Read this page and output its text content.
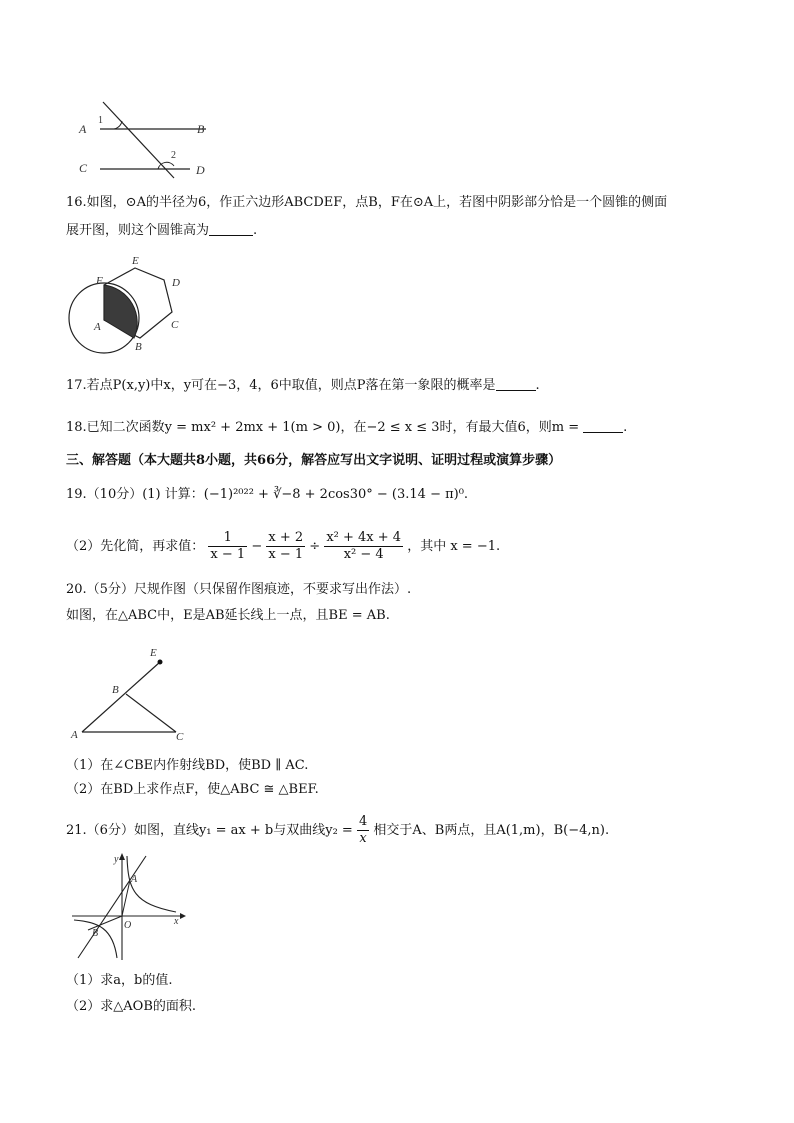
A	B
C	D
1
2
16.如图，⊙A的半径为6，作正六边形ABCDEF，点B，F在⊙A上，若图中阴影部分恰是一个圆锥的侧面
展开图，则这个圆锥高为	.
F
E
D
C
B
A
17.若点P(x,y)中x，y可在−3，4，6中取值，则点P落在第一象限的概率是	.
18.已知二次函数y = mx² + 2mx + 1(m > 0)，在−2 ≤ x ≤ 3时，有最大值6，则m =	.
三、解答题（本大题共8小题，共66分，解答应写出文字说明、证明过程或演算步骤）
19.（10分）(1) 计算：(−1)²⁰²² + ∛−8 + 2cos30° − (3.14 − π)⁰.
（2）先化简，再求值： $\frac{1}{x - 1} - \frac{x + 2}{x - 1} \div \frac{\text{x² + 4x + 4}}{\text{x² − 4}}$ ，其中 x = −1.
20.（5分）尺规作图（只保留作图痕迹，不要求写出作法）.
如图，在△ABC中，E是AB延长线上一点，且BE = AB.
E
B
A	C
（1）在∠CBE内作射线BD，使BD ∥ AC.
（2）在BD上求作点F，使△ABC ≅ △BEF.
21.（6分）如图，直线y₁ = ax + b与双曲线$y_2 = \frac{4}{x}$ 相交于A、B两点，且A(1,m)，B(−4,n).
y
x
O
A
B
（1）求a，b的值.
（2）求△AOB的面积.
